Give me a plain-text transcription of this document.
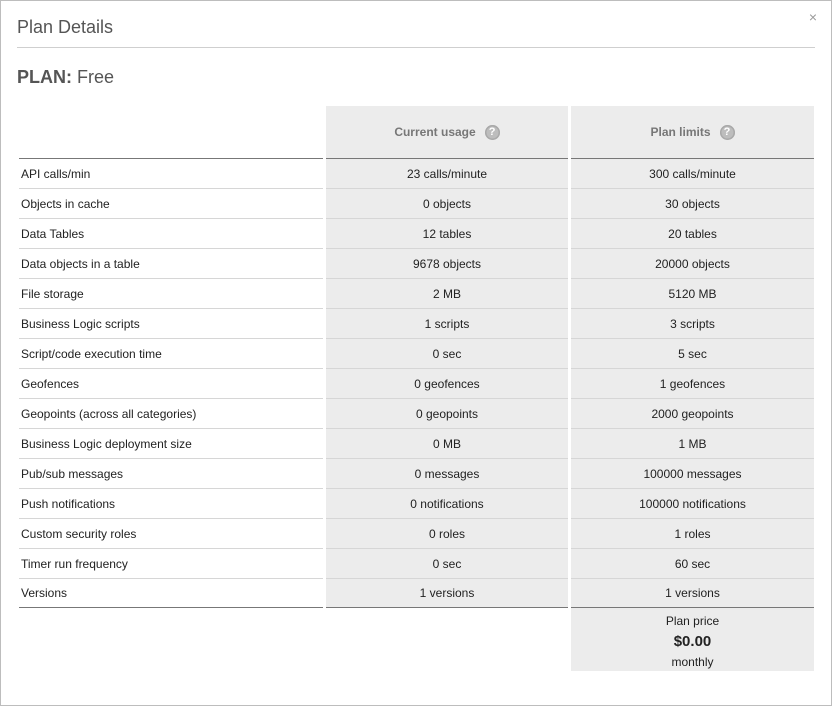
Plan Details	×
PLAN: Free
Current usage	?	Plan limits	?
API calls/min	23 calls/minute	300 calls/minute
Objects in cache	0 objects	30 objects
Data Tables	12 tables	20 tables
Data objects in a table	9678 objects	20000 objects
File storage	2 MB	5120 MB
Business Logic scripts	1 scripts	3 scripts
Script/code execution time	0 sec	5 sec
Geofences	0 geofences	1 geofences
Geopoints (across all categories)	0 geopoints	2000 geopoints
Business Logic deployment size	0 MB	1 MB
Pub/sub messages	0 messages	100000 messages
Push notifications	0 notifications	100000 notifications
Custom security roles	0 roles	1 roles
Timer run frequency	0 sec	60 sec
Versions	1 versions	1 versions
Plan price
$0.00
monthly
